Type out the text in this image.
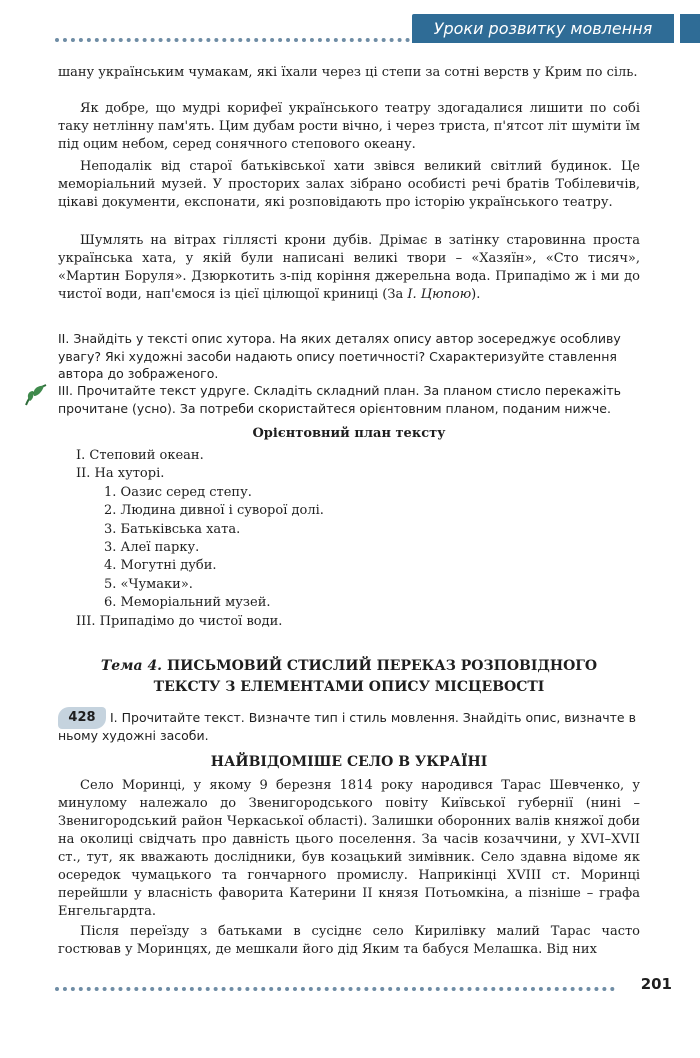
Уроки розвитку мовлення

шану українським чумакам, які їхали через ці степи за сотні верств у Крим по сіль.

Як добре, що мудрі корифеї українського театру здогадалися лишити по собі таку нетлінну пам'ять. Цим дубам рости вічно, і через триста, п'ятсот літ шуміти їм під оцим небом, серед сонячного степового океану.

Неподалік від старої батьківської хати звівся великий світлий будинок. Це меморіальний музей. У просторих залах зібрано особисті речі братів Тобілевичів, цікаві документи, експонати, які розповідають про історію українського театру.

Шумлять на вітрах гіллясті крони дубів. Дрімає в затінку старовинна проста українська хата, у якій були написані великі твори – «Хазяїн», «Сто тисяч», «Мартин Боруля». Дзюркотить з-під коріння джерельна вода. Припадімо ж і ми до чистої води, нап'ємося із цієї цілющої криниці (За І. Цюпою).

ІІ. Знайдіть у тексті опис хутора. На яких деталях опису автор зосереджує особливу увагу? Які художні засоби надають опису поетичності? Схарактеризуйте ставлення автора до зображеного.

ІІІ. Прочитайте текст удруге. Складіть складний план. За планом стисло перекажіть прочитане (усно). За потреби скористайтеся орієнтовним планом, поданим нижче.

Орієнтовний план тексту
І. Степовий океан.
ІІ. На хуторі.
1. Оазис серед степу.
2. Людина дивної і суворої долі.
3. Батьківська хата.
3. Алеї парку.
4. Могутні дуби.
5. «Чумаки».
6. Меморіальний музей.
ІІІ. Припадімо до чистої води.
Тема 4. ПИСЬМОВИЙ СТИСЛИЙ ПЕРЕКАЗ РОЗПОВІДНОГО
ТЕКСТУ З ЕЛЕМЕНТАМИ ОПИСУ МІСЦЕВОСТІ
428	І. Прочитайте текст. Визначте тип і стиль мовлення. Знайдіть опис, визначте в ньому художні засоби.

НАЙВІДОМІШЕ СЕЛО В УКРАЇНІ

Село Моринці, у якому 9 березня 1814 року народився Тарас Шевченко, у минулому належало до Звенигородського повіту Київської губернії (нині – Звенигородський район Черкаської області). Залишки оборонних валів княжої доби на околиці свідчать про давність цього поселення. За часів козаччини, у XVI–XVII ст., тут, як вважають дослідники, був козацький зимівник. Село здавна відоме як осередок чумацького та гончарного промислу. Наприкінці XVIII ст. Моринці перейшли у власність фаворита Катерини II князя Потьомкіна, а пізніше – графа Енгельгардта.

Після переїзду з батьками в сусіднє село Кирилівку малий Тарас часто гостював у Моринцях, де мешкали його дід Яким та бабуся Мелашка. Від них

201
